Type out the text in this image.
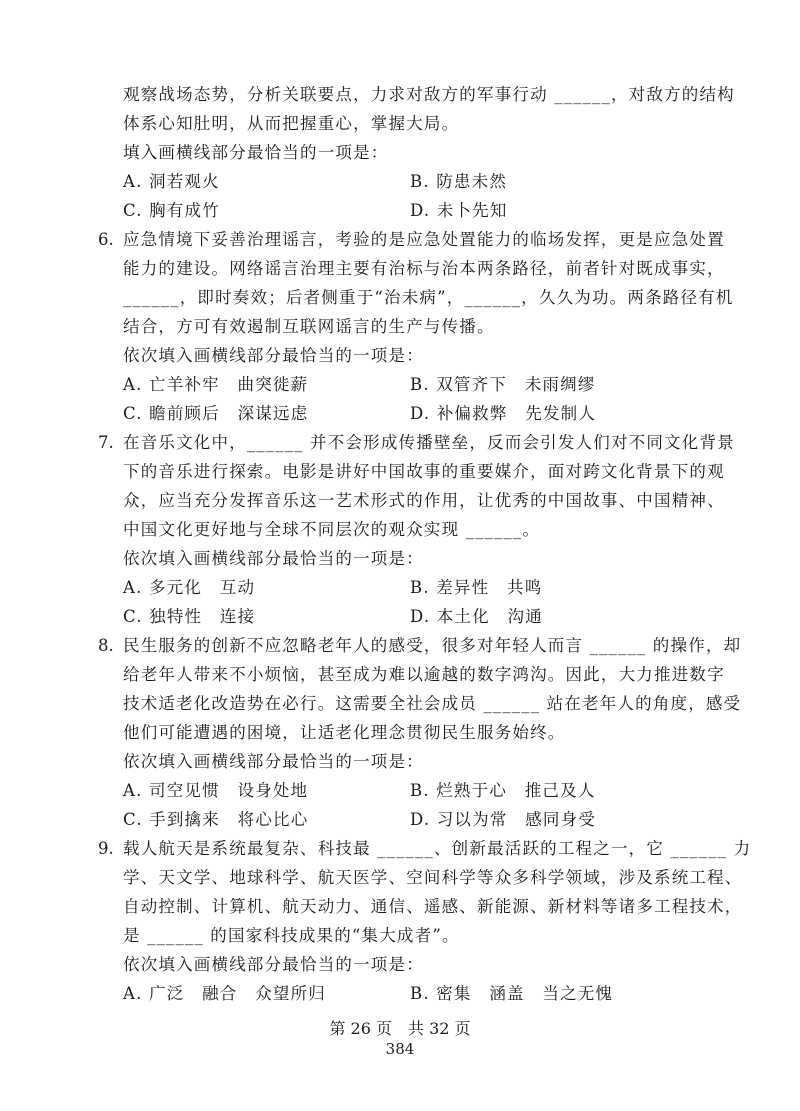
观察战场态势，分析关联要点，力求对敌方的军事行动 ______，对敌方的结构
体系心知肚明，从而把握重心，掌握大局。
填入画横线部分最恰当的一项是：
A. 洞若观火	B. 防患未然
C. 胸有成竹	D. 未卜先知
6. 应急情境下妥善治理谣言，考验的是应急处置能力的临场发挥，更是应急处置
能力的建设。网络谣言治理主要有治标与治本两条路径，前者针对既成事实，
______，即时奏效；后者侧重于“治未病”，______，久久为功。两条路径有机
结合，方可有效遏制互联网谣言的生产与传播。
依次填入画横线部分最恰当的一项是：
A. 亡羊补牢　曲突徙薪	B. 双管齐下　未雨绸缪
C. 瞻前顾后　深谋远虑	D. 补偏救弊　先发制人
7. 在音乐文化中，______ 并不会形成传播壁垒，反而会引发人们对不同文化背景
下的音乐进行探索。电影是讲好中国故事的重要媒介，面对跨文化背景下的观
众，应当充分发挥音乐这一艺术形式的作用，让优秀的中国故事、中国精神、
中国文化更好地与全球不同层次的观众实现 ______。
依次填入画横线部分最恰当的一项是：
A. 多元化　互动	B. 差异性　共鸣
C. 独特性　连接	D. 本土化　沟通
8. 民生服务的创新不应忽略老年人的感受，很多对年轻人而言 ______ 的操作，却
给老年人带来不小烦恼，甚至成为难以逾越的数字鸿沟。因此，大力推进数字
技术适老化改造势在必行。这需要全社会成员 ______ 站在老年人的角度，感受
他们可能遭遇的困境，让适老化理念贯彻民生服务始终。
依次填入画横线部分最恰当的一项是：
A. 司空见惯　设身处地	B. 烂熟于心　推己及人
C. 手到擒来　将心比心	D. 习以为常　感同身受
9. 载人航天是系统最复杂、科技最 ______、创新最活跃的工程之一，它 ______ 力
学、天文学、地球科学、航天医学、空间科学等众多科学领域，涉及系统工程、
自动控制、计算机、航天动力、通信、遥感、新能源、新材料等诸多工程技术，
是 ______ 的国家科技成果的“集大成者”。
依次填入画横线部分最恰当的一项是：
A. 广泛　融合　众望所归	B. 密集　涵盖　当之无愧
第 26 页　共 32 页
384
